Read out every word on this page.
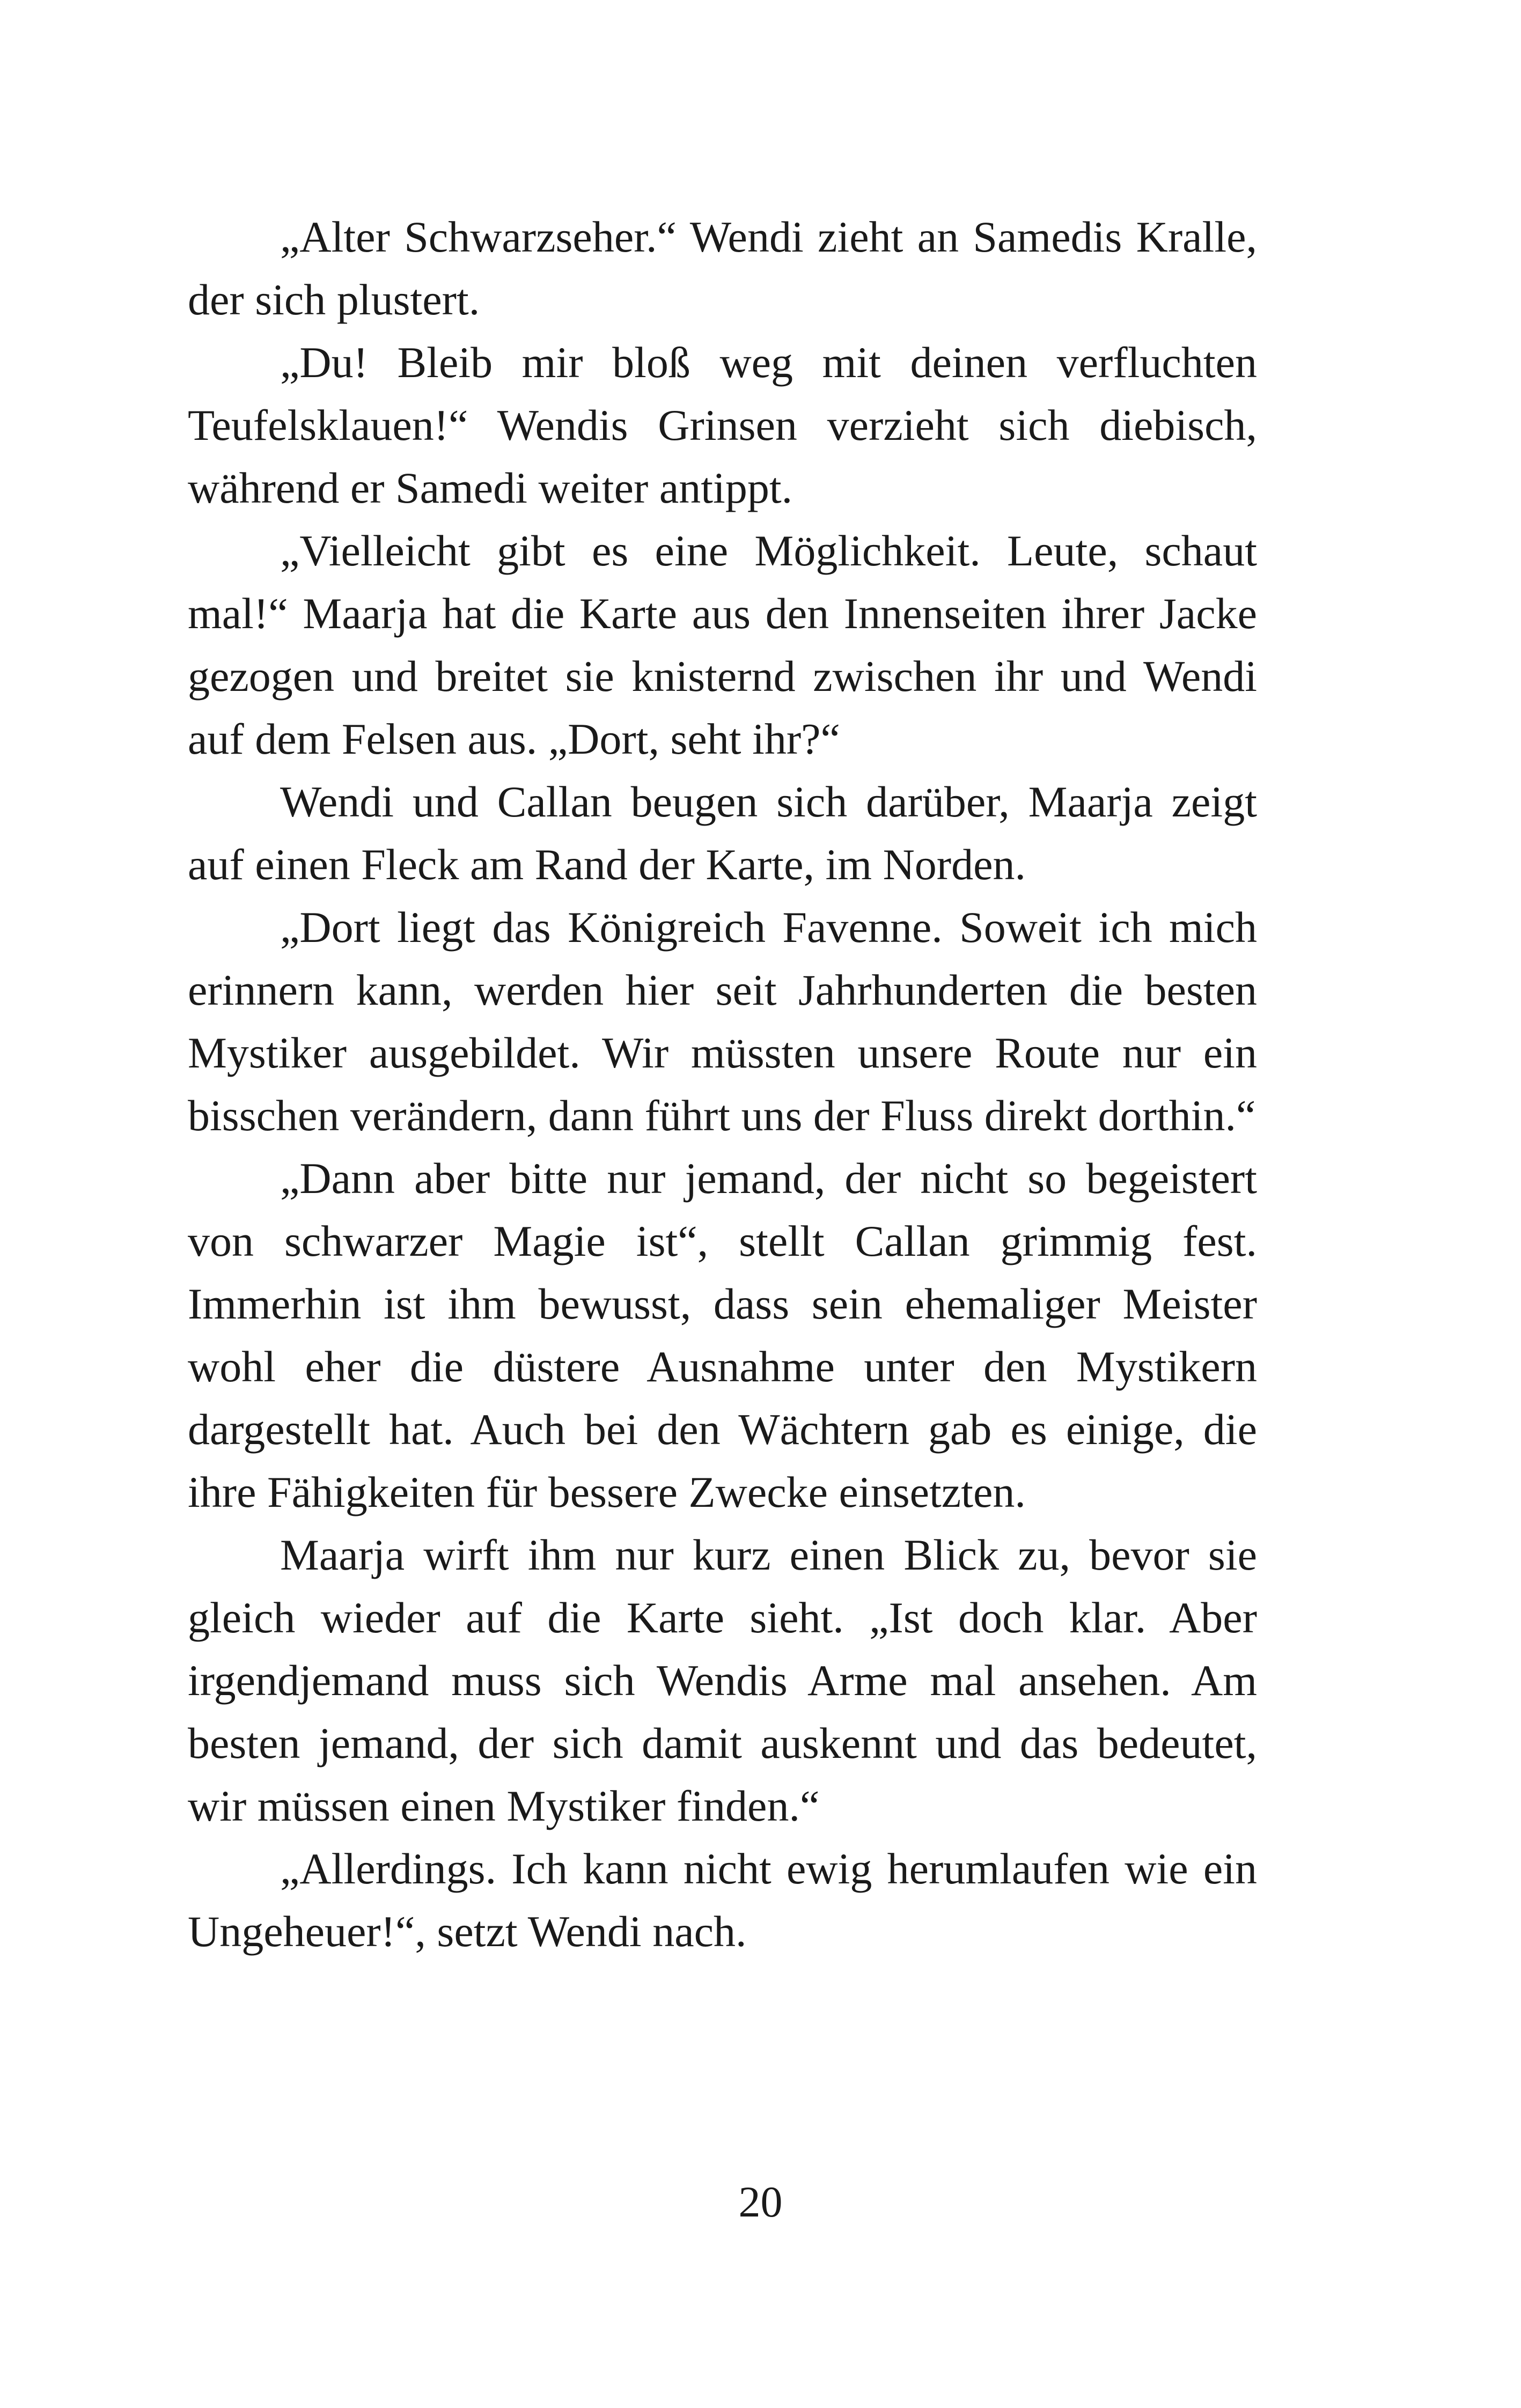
„Alter Schwarzseher.“ Wendi zieht an Samedis Kralle, der sich plustert.

„Du! Bleib mir bloß weg mit deinen verfluchten Teufelsklauen!“ Wendis Grinsen verzieht sich diebisch, während er Samedi weiter antippt.

„Vielleicht gibt es eine Möglichkeit. Leute, schaut mal!“ Maarja hat die Karte aus den Innenseiten ihrer Jacke gezogen und breitet sie knisternd zwischen ihr und Wendi auf dem Felsen aus. „Dort, seht ihr?“

Wendi und Callan beugen sich darüber, Maarja zeigt auf einen Fleck am Rand der Karte, im Norden.

„Dort liegt das Königreich Favenne. Soweit ich mich erinnern kann, werden hier seit Jahrhunderten die besten Mystiker ausgebildet. Wir müssten unsere Route nur ein bisschen verändern, dann führt uns der Fluss direkt dorthin.“

„Dann aber bitte nur jemand, der nicht so begeistert von schwarzer Magie ist“, stellt Callan grimmig fest. Immerhin ist ihm bewusst, dass sein ehemaliger Meister wohl eher die düstere Ausnahme unter den Mystikern dargestellt hat. Auch bei den Wächtern gab es einige, die ihre Fähigkeiten für bessere Zwecke einsetzten.

Maarja wirft ihm nur kurz einen Blick zu, bevor sie gleich wieder auf die Karte sieht. „Ist doch klar. Aber irgendjemand muss sich Wendis Arme mal ansehen. Am besten jemand, der sich damit auskennt und das bedeutet, wir müssen einen Mystiker finden.“

„Allerdings. Ich kann nicht ewig herumlaufen wie ein Ungeheuer!“, setzt Wendi nach.

20
